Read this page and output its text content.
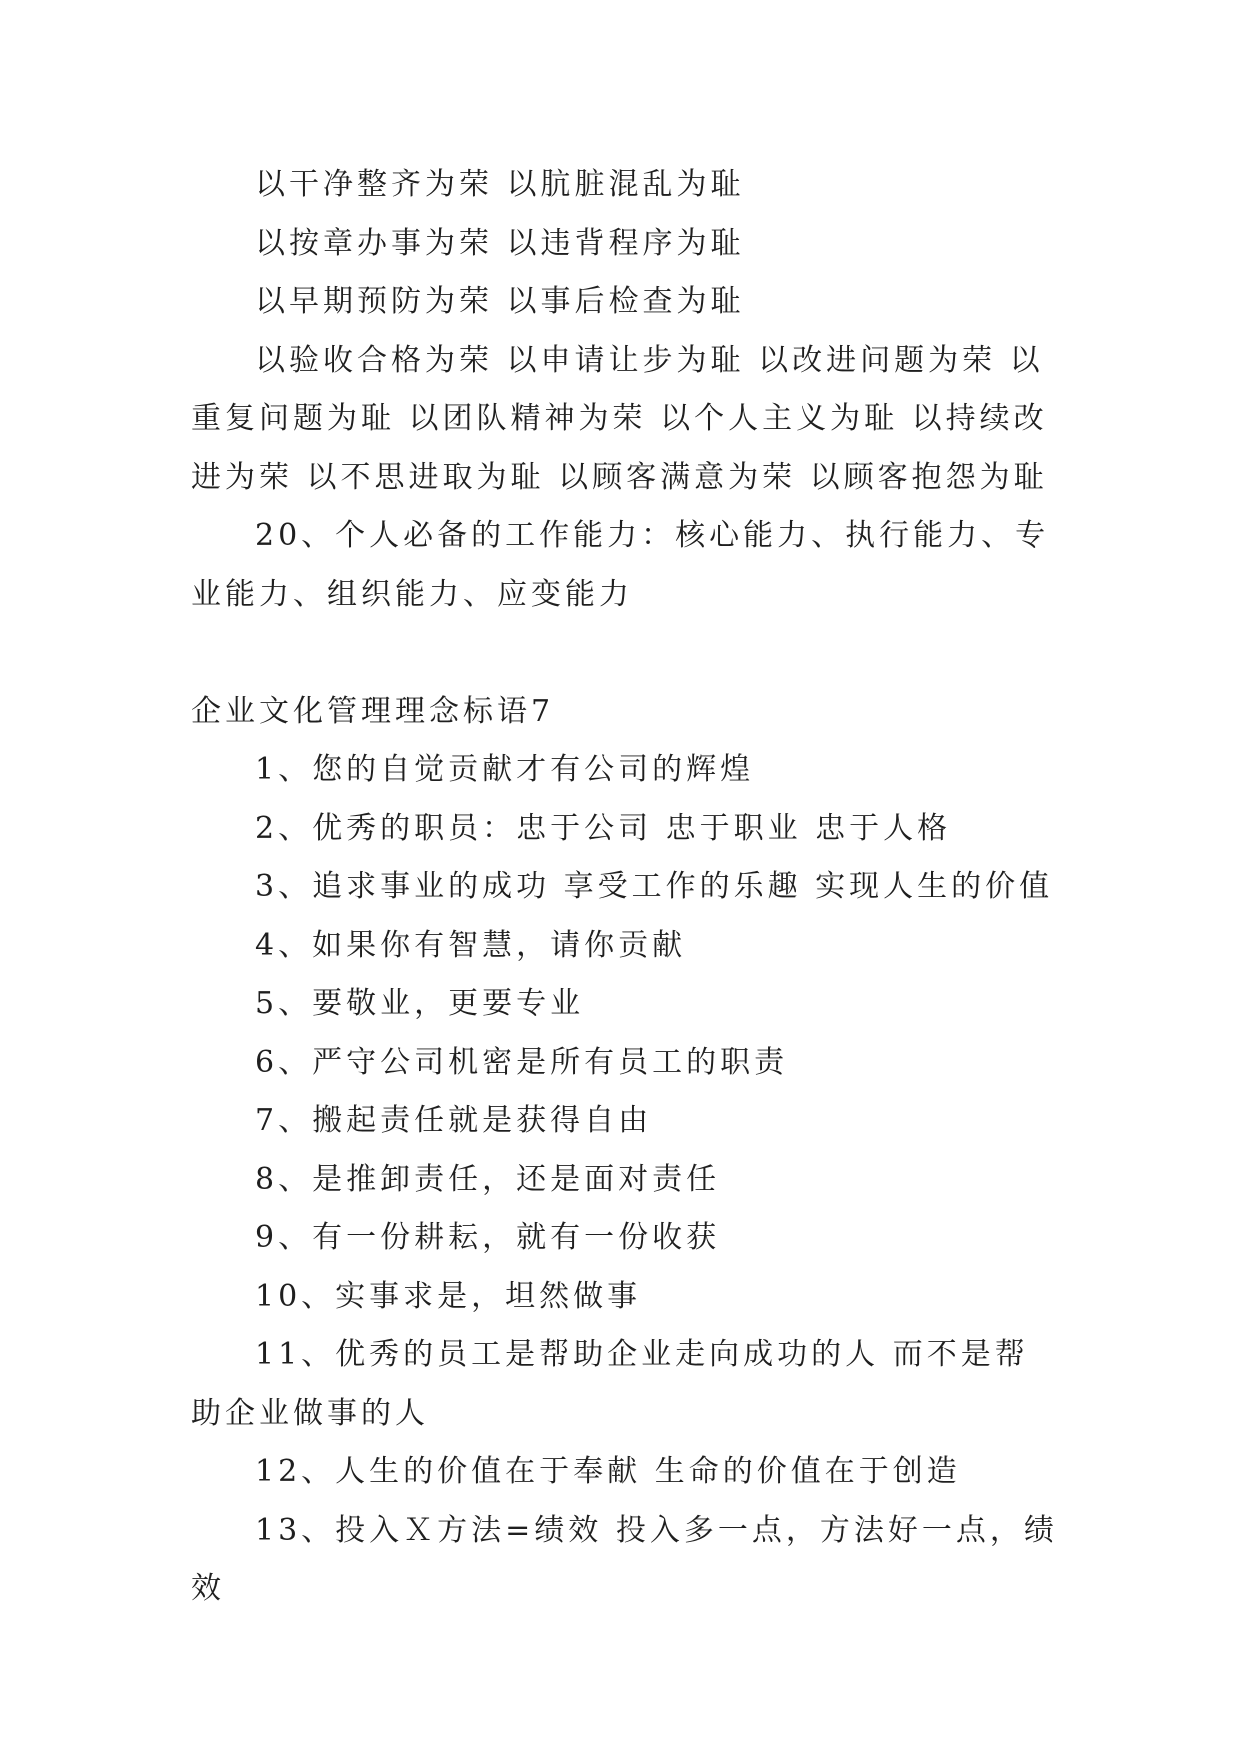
以干净整齐为荣 以肮脏混乱为耻

以按章办事为荣 以违背程序为耻

以早期预防为荣 以事后检查为耻

以验收合格为荣 以申请让步为耻 以改进问题为荣 以重复问题为耻 以团队精神为荣 以个人主义为耻 以持续改进为荣 以不思进取为耻 以顾客满意为荣 以顾客抱怨为耻

20、个人必备的工作能力：核心能力、执行能力、专业能力、组织能力、应变能力

企业文化管理理念标语7

1、您的自觉贡献才有公司的辉煌

2、优秀的职员：忠于公司 忠于职业 忠于人格

3、追求事业的成功 享受工作的乐趣 实现人生的价值

4、如果你有智慧，请你贡献

5、要敬业，更要专业

6、严守公司机密是所有员工的职责

7、搬起责任就是获得自由

8、是推卸责任，还是面对责任

9、有一份耕耘，就有一份收获

10、实事求是，坦然做事

11、优秀的员工是帮助企业走向成功的人 而不是帮助企业做事的人

12、人生的价值在于奉献 生命的价值在于创造

13、投入Ｘ方法=绩效 投入多一点，方法好一点，绩效
